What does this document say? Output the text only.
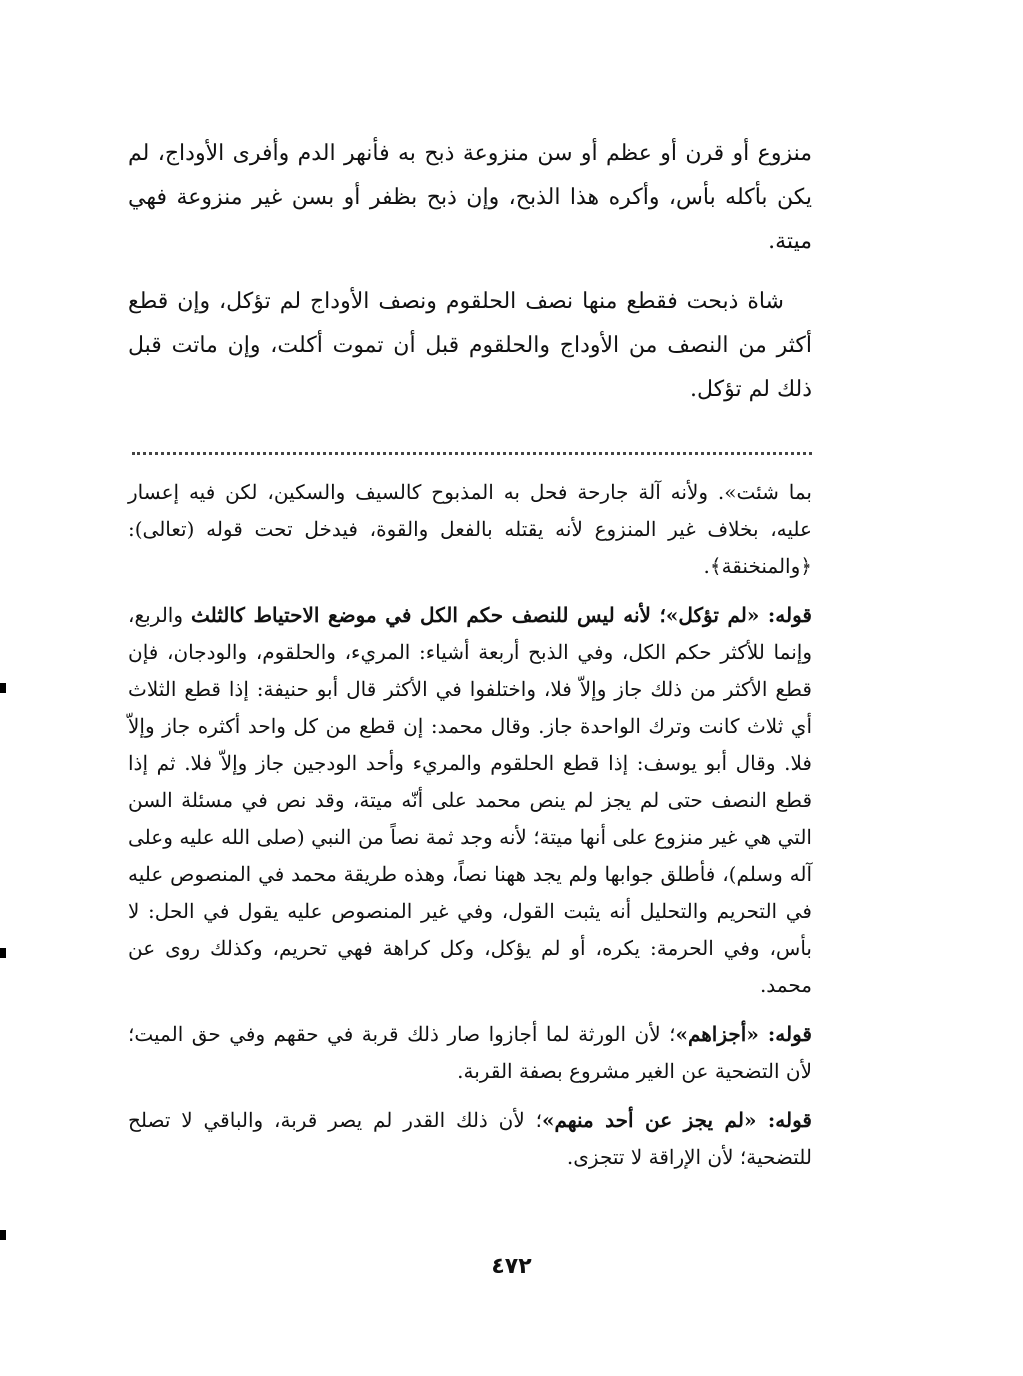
منزوع أو قرن أو عظم أو سن منزوعة ذبح به فأنهر الدم وأفرى الأوداج، لم يكن بأكله بأس، وأكره هذا الذبح، وإن ذبح بظفر أو بسن غير منزوعة فهي ميتة.

شاة ذبحت فقطع منها نصف الحلقوم ونصف الأوداج لم تؤكل، وإن قطع أكثر من النصف من الأوداج والحلقوم قبل أن تموت أكلت، وإن ماتت قبل ذلك لم تؤكل.

بما شئت». ولأنه آلة جارحة فحل به المذبوح كالسيف والسكين، لكن فيه إعسار عليه، بخلاف غير المنزوع لأنه يقتله بالفعل والقوة، فيدخل تحت قوله (تعالى): ﴿والمنخنقة﴾.

قوله: «لم تؤكل»؛ لأنه ليس للنصف حكم الكل في موضع الاحتياط كالثلث والربع، وإنما للأكثر حكم الكل، وفي الذبح أربعة أشياء: المريء، والحلقوم، والودجان، فإن قطع الأكثر من ذلك جاز وإلاّ فلا، واختلفوا في الأكثر قال أبو حنيفة: إذا قطع الثلاث أي ثلاث كانت وترك الواحدة جاز. وقال محمد: إن قطع من كل واحد أكثره جاز وإلاّ فلا. وقال أبو يوسف: إذا قطع الحلقوم والمريء وأحد الودجين جاز وإلاّ فلا. ثم إذا قطع النصف حتى لم يجز لم ينص محمد على أنّه ميتة، وقد نص في مسئلة السن التي هي غير منزوع على أنها ميتة؛ لأنه وجد ثمة نصاً من النبي (صلى الله عليه وعلى آله وسلم)، فأطلق جوابها ولم يجد ههنا نصاً، وهذه طريقة محمد في المنصوص عليه في التحريم والتحليل أنه يثبت القول، وفي غير المنصوص عليه يقول في الحل: لا بأس، وفي الحرمة: يكره، أو لم يؤكل، وكل كراهة فهي تحريم، وكذلك روى عن محمد.

قوله: «أجزاهم»؛ لأن الورثة لما أجازوا صار ذلك قربة في حقهم وفي حق الميت؛ لأن التضحية عن الغير مشروع بصفة القربة.

قوله: «لم يجز عن أحد منهم»؛ لأن ذلك القدر لم يصر قربة، والباقي لا تصلح للتضحية؛ لأن الإراقة لا تتجزى.

٤٧٢
